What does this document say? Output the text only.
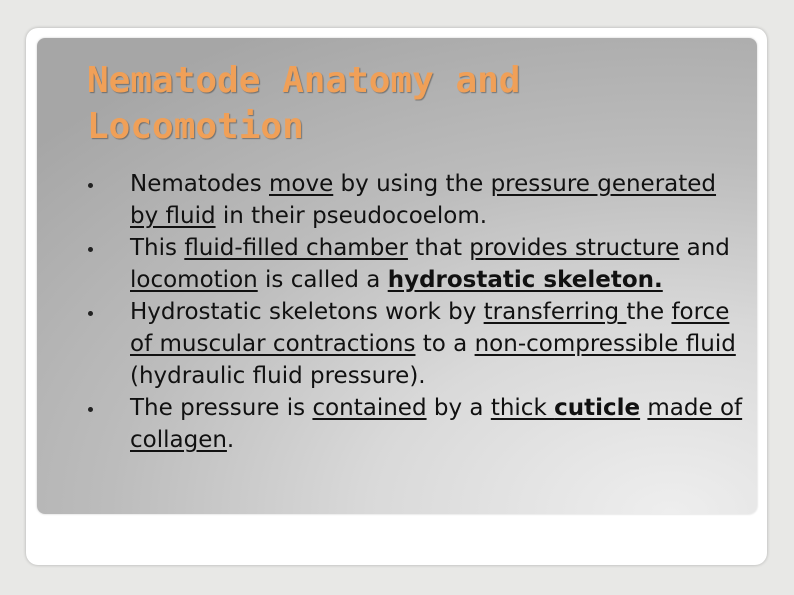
Nematode Anatomy and Locomotion
Nematodes move by using the pressure generated by fluid in their pseudocoelom.
This fluid-filled chamber that provides structure and locomotion is called a hydrostatic skeleton.
Hydrostatic skeletons work by transferring the force of muscular contractions to a non-compressible fluid (hydraulic fluid pressure).
The pressure is contained by a thick cuticle made of collagen.
